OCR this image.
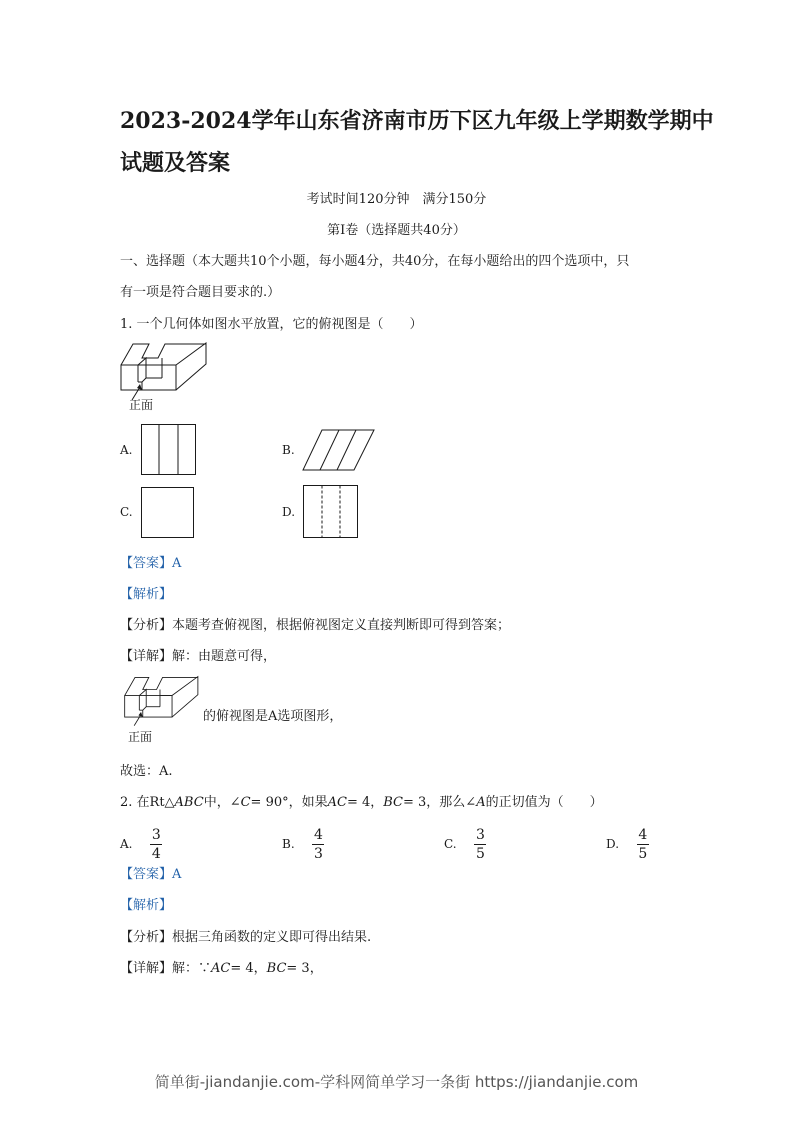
2023-2024学年山东省济南市历下区九年级上学期数学期中
试题及答案
考试时间120分钟　满分150分
第Ⅰ卷（选择题共40分）
一、选择题（本大题共10个小题，每小题4分，共40分，在每小题给出的四个选项中，只
有一项是符合题目要求的.）
1. 一个几何体如图水平放置，它的俯视图是（　　）
正面
A.	B.
C.	D.
【答案】A
【解析】
【分析】本题考查俯视图，根据俯视图定义直接判断即可得到答案；
【详解】解：由题意可得，
正面
的俯视图是A选项图形，
故选：A.
2. 在Rt△ABC中，∠C= 90°，如果AC= 4，BC= 3，那么∠A的正切值为（　　）
A. $\frac{3}{4}$	B. $\frac{4}{3}$	C. $\frac{3}{5}$	D. $\frac{4}{5}$
【答案】A
【解析】
【分析】根据三角函数的定义即可得出结果.
【详解】解：∵AC= 4，BC= 3，
简单街-jiandanjie.com-学科网简单学习一条街 https://jiandanjie.com
